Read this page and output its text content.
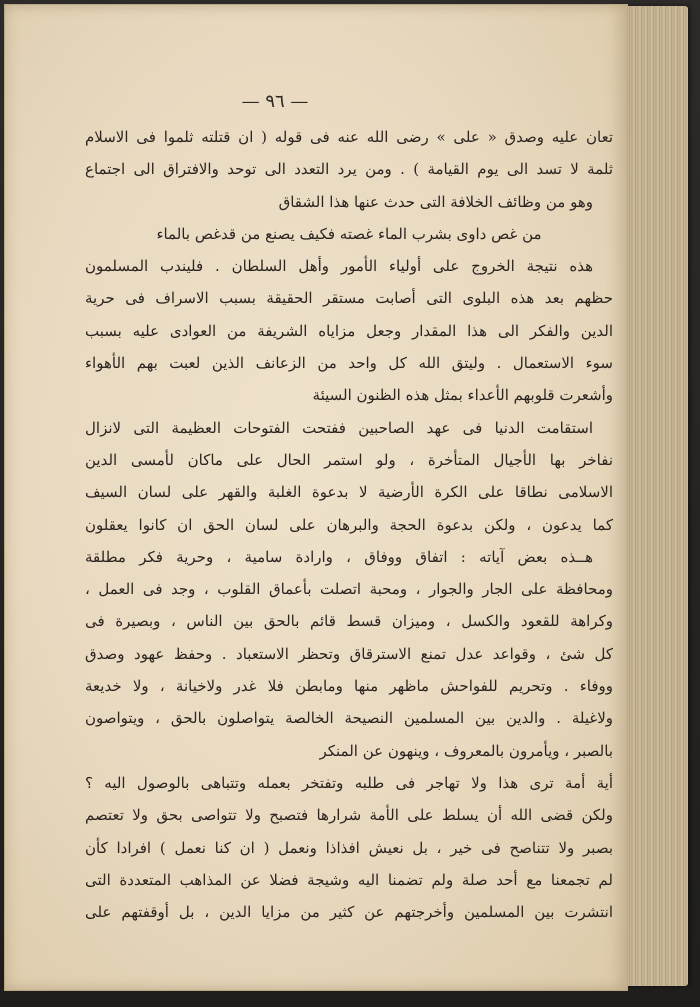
— ٩٦ —
تعان عليه وصدق « على » رضى الله عنه فى قوله ( ان قتلته ثلموا فى الاسلام
ثلمة لا تسد الى يوم القيامة ) . ومن يرد التعدد الى توحد والافتراق الى اجتماع
وهو من وظائف الخلافة التى حدث عنها هذا الشقاق
من غص داوى بشرب الماء غصته فكيف يصنع من قدغص بالماء
هذه نتيجة الخروج على أولياء الأمور وأهل السلطان . فليندب المسلمون
حظهم بعد هذه البلوى التى أصابت مستقر الحقيقة بسبب الاسراف فى حرية
الدين والفكر الى هذا المقدار وجعل مزاياه الشريفة من العوادى عليه بسبب
سوء الاستعمال . وليتق الله كل واحد من الزعانف الذين لعبت بهم الأهواء
وأشعرت قلوبهم الأعداء بمثل هذه الظنون السيئة
استقامت الدنيا فى عهد الصاحبين ففتحت الفتوحات العظيمة التى لانزال
نفاخر بها الأجيال المتأخرة ، ولو استمر الحال على ماكان لأمسى الدين
الاسلامى نطاقا على الكرة الأرضية لا بدعوة الغلبة والقهر على لسان السيف
كما يدعون ، ولكن بدعوة الحجة والبرهان على لسان الحق ان كانوا يعقلون
هــذه بعض آياته : اتفاق ووفاق ، وارادة سامية ، وحرية فكر مطلقة
ومحافظة على الجار والجوار ، ومحبة اتصلت بأعماق القلوب ، وجد فى العمل ،
وكراهة للقعود والكسل ، وميزان قسط قائم بالحق بين الناس ، وبصيرة فى
كل شئ ، وقواعد عدل تمنع الاسترقاق وتحظر الاستعباد . وحفظ عهود وصدق
ووفاء . وتحريم للفواحش ماظهر منها ومابطن فلا غدر ولاخيانة ، ولا خديعة
ولاغيلة . والدين بين المسلمين النصيحة الخالصة يتواصلون بالحق ، ويتواصون
بالصبر ، ويأمرون بالمعروف ، وينهون عن المنكر
أية أمة ترى هذا ولا تهاجر فى طلبه وتفتخر بعمله وتتباهى بالوصول اليه ؟
ولكن قضى الله أن يسلط على الأمة شرارها فتصبح ولا تتواصى بحق ولا تعتصم
بصبر ولا تتناصح فى خير ، بل نعيش افذاذا ونعمل ( ان كنا نعمل ) افرادا كأن
لم تجمعنا مع أحد صلة ولم تضمنا اليه وشيجة فضلا عن المذاهب المتعددة التى
انتشرت بين المسلمين وأخرجتهم عن كثير من مزايا الدين ، بل أوقفتهم على
